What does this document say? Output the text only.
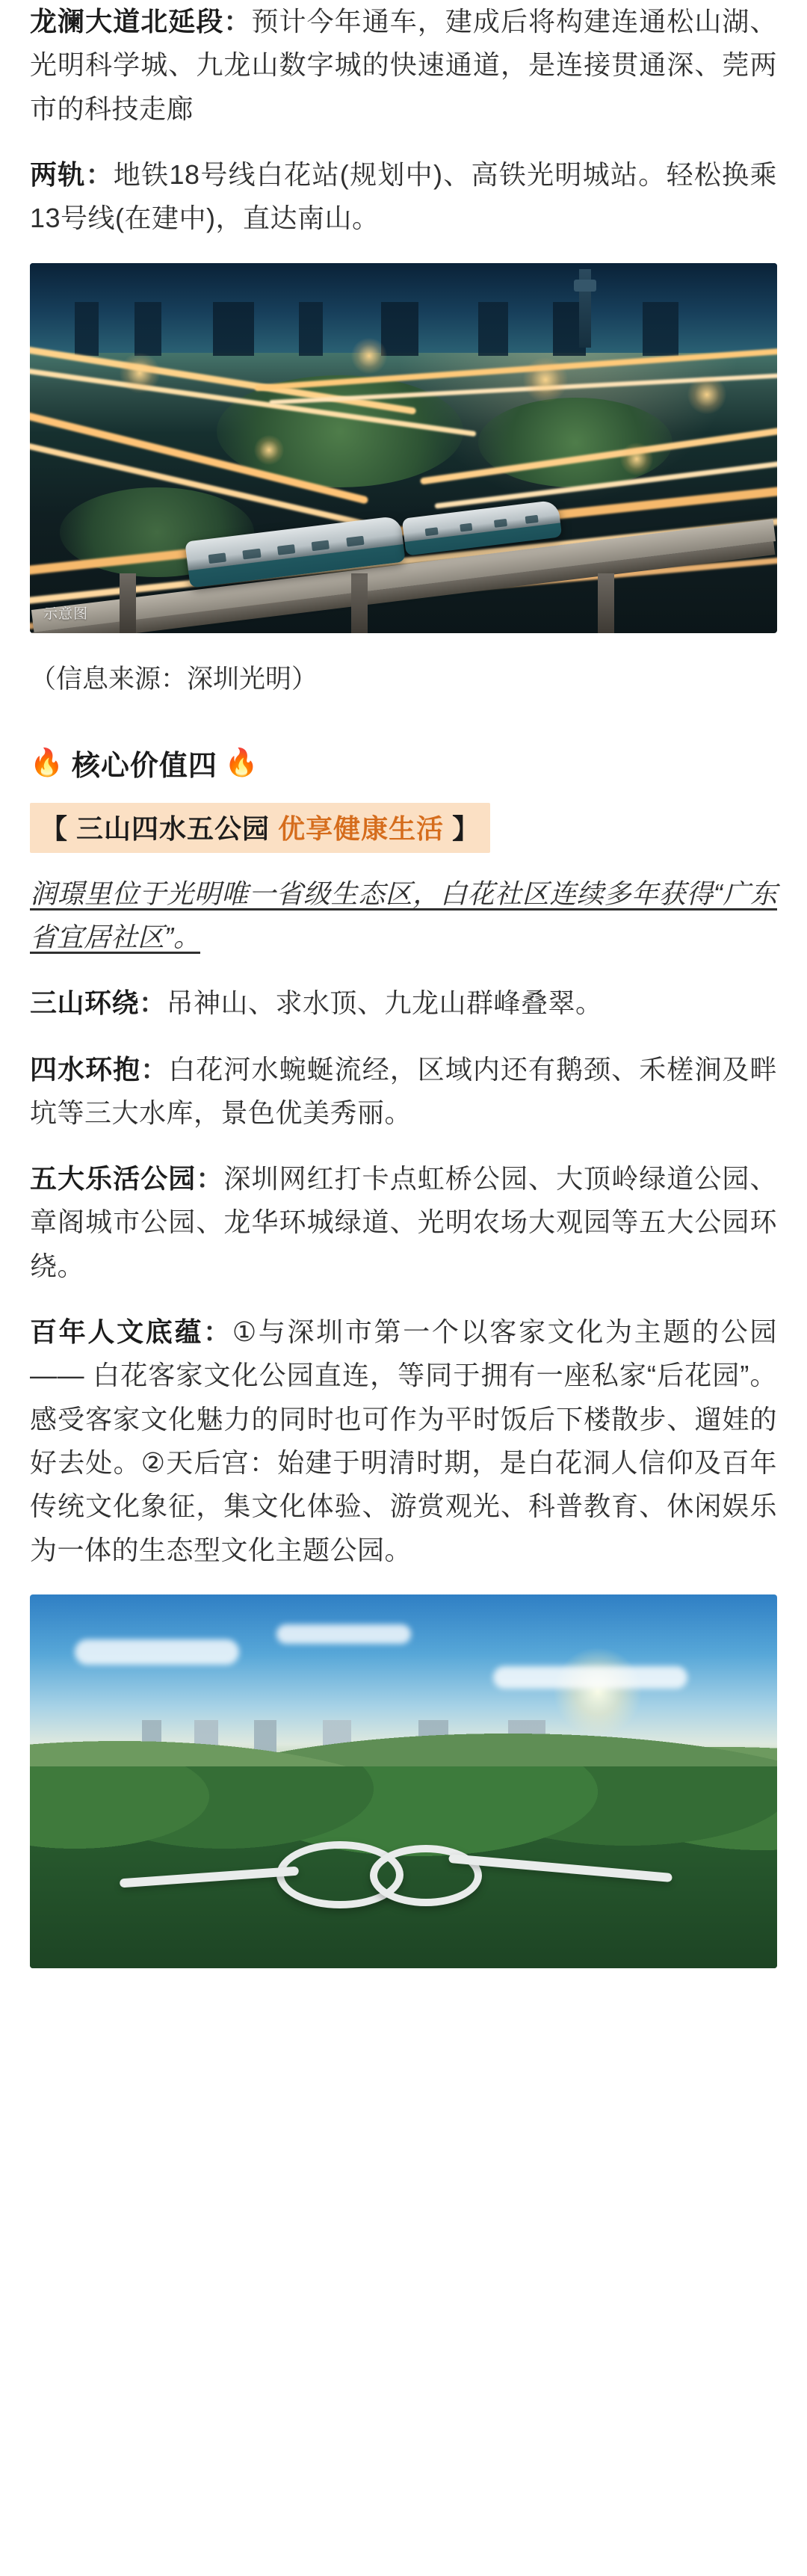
龙澜大道北延段：预计今年通车，建成后将构建连通松山湖、光明科学城、九龙山数字城的快速通道，是连接贯通深、莞两市的科技走廊

两轨：地铁18号线白花站(规划中)、高铁光明城站。轻松换乘13号线(在建中)，直达南山。

示意图

（信息来源：深圳光明）

🔥 核心价值四 🔥
【 三山四水五公园 优享健康生活 】

润璟里位于光明唯一省级生态区，白花社区连续多年获得“广东省宜居社区”。

三山环绕：吊神山、求水顶、九龙山群峰叠翠。

四水环抱：白花河水蜿蜒流经，区域内还有鹅颈、禾槎涧及畔坑等三大水库，景色优美秀丽。

五大乐活公园：深圳网红打卡点虹桥公园、大顶岭绿道公园、章阁城市公园、龙华环城绿道、光明农场大观园等五大公园环绕。

百年人文底蕴：①与深圳市第一个以客家文化为主题的公园 —— 白花客家文化公园直连，等同于拥有一座私家“后花园”。感受客家文化魅力的同时也可作为平时饭后下楼散步、遛娃的好去处。②天后宫：始建于明清时期，是白花洞人信仰及百年传统文化象征，集文化体验、游赏观光、科普教育、休闲娱乐为一体的生态型文化主题公园。
